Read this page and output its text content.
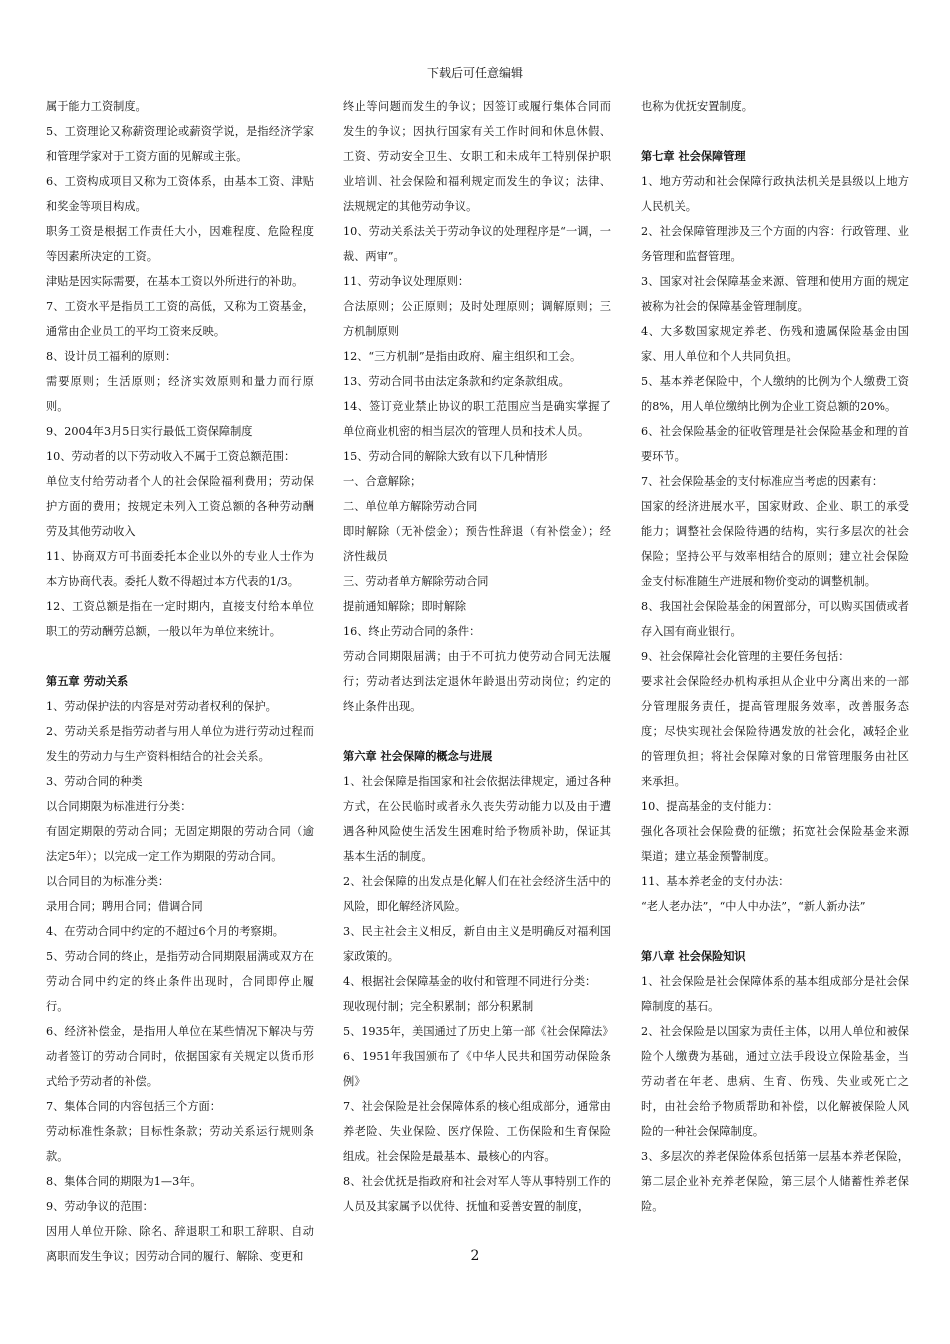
下载后可任意编辑

属于能力工资制度。

5、工资理论又称薪资理论或薪资学说，是指经济学家和管理学家对于工资方面的见解或主张。

6、工资构成项目又称为工资体系，由基本工资、津贴和奖金等项目构成。

职务工资是根据工作责任大小，因难程度、危险程度等因素所决定的工资。

津贴是因实际需要，在基本工资以外所进行的补助。

7、工资水平是指员工工资的高低，又称为工资基金，通常由企业员工的平均工资来反映。

8、设计员工福利的原则：

需要原则；生活原则；经济实效原则和量力而行原则。

9、2004年3月5日实行最低工资保障制度

10、劳动者的以下劳动收入不属于工资总额范围：

单位支付给劳动者个人的社会保险福利费用；劳动保护方面的费用；按规定未列入工资总额的各种劳动酬劳及其他劳动收入

11、协商双方可书面委托本企业以外的专业人士作为本方协商代表。委托人数不得超过本方代表的1/3。

12、工资总额是指在一定时期内，直接支付给本单位职工的劳动酬劳总额，一般以年为单位来统计。

第五章 劳动关系

1、劳动保护法的内容是对劳动者权利的保护。

2、劳动关系是指劳动者与用人单位为进行劳动过程而发生的劳动力与生产资料相结合的社会关系。

3、劳动合同的种类

以合同期限为标准进行分类：

有固定期限的劳动合同；无固定期限的劳动合同（逾法定5年）；以完成一定工作为期限的劳动合同。

以合同目的为标准分类：

录用合同；聘用合同；借调合同

4、在劳动合同中约定的不超过6个月的考察期。

5、劳动合同的终止，是指劳动合同期限届满或双方在劳动合同中约定的终止条件出现时，合同即停止履行。

6、经济补偿金，是指用人单位在某些情况下解决与劳动者签订的劳动合同时，依据国家有关规定以货币形式给予劳动者的补偿。

7、集体合同的内容包括三个方面：

劳动标准性条款；目标性条款；劳动关系运行规则条款。

8、集体合同的期限为1—3年。

9、劳动争议的范围：

因用人单位开除、除名、辞退职工和职工辞职、自动离职而发生争议；因劳动合同的履行、解除、变更和

终止等问题而发生的争议；因签订或履行集体合同而发生的争议；因执行国家有关工作时间和休息休假、工资、劳动安全卫生、女职工和未成年工特别保护职业培训、社会保险和福利规定而发生的争议；法律、法规规定的其他劳动争议。

10、劳动关系法关于劳动争议的处理程序是“一调，一裁、两审”。

11、劳动争议处理原则：

合法原则；公正原则；及时处理原则；调解原则；三方机制原则

12、“三方机制”是指由政府、雇主组织和工会。

13、劳动合同书由法定条款和约定条款组成。

14、签订竞业禁止协议的职工范围应当是确实掌握了单位商业机密的相当层次的管理人员和技术人员。

15、劳动合同的解除大致有以下几种情形

一、合意解除；

二、单位单方解除劳动合同

即时解除（无补偿金）；预告性辞退（有补偿金）；经济性裁员

三、劳动者单方解除劳动合同

提前通知解除；即时解除

16、终止劳动合同的条件：

劳动合同期限届满；由于不可抗力使劳动合同无法履行；劳动者达到法定退休年龄退出劳动岗位；约定的终止条件出现。

第六章 社会保障的概念与进展

1、社会保障是指国家和社会依据法律规定，通过各种方式，在公民临时或者永久丧失劳动能力以及由于遭遇各种风险使生活发生困难时给予物质补助，保证其基本生活的制度。

2、社会保障的出发点是化解人们在社会经济生活中的风险，即化解经济风险。

3、民主社会主义相反，新自由主义是明确反对福利国家政策的。

4、根据社会保障基金的收付和管理不同进行分类：

现收现付制；完全积累制；部分积累制

5、1935年，美国通过了历史上第一部《社会保障法》

6、1951年我国颁布了《中华人民共和国劳动保险条例》

7、社会保险是社会保障体系的核心组成部分，通常由养老险、失业保险、医疗保险、工伤保险和生育保险组成。社会保险是最基本、最核心的内容。

8、社会优抚是指政府和社会对军人等从事特别工作的人员及其家属予以优待、抚恤和妥善安置的制度，

也称为优抚安置制度。

第七章 社会保障管理

1、地方劳动和社会保障行政执法机关是县级以上地方人民机关。

2、社会保障管理涉及三个方面的内容：行政管理、业务管理和监督管理。

3、国家对社会保障基金来源、管理和使用方面的规定被称为社会的保障基金管理制度。

4、大多数国家规定养老、伤残和遗属保险基金由国家、用人单位和个人共同负担。

5、基本养老保险中，个人缴纳的比例为个人缴费工资的8%，用人单位缴纳比例为企业工资总额的20%。

6、社会保险基金的征收管理是社会保险基金和理的首要环节。

7、社会保险基金的支付标准应当考虑的因素有：

国家的经济进展水平，国家财政、企业、职工的承受能力；调整社会保险待遇的结构，实行多层次的社会保险；坚持公平与效率相结合的原则；建立社会保险金支付标准随生产进展和物价变动的调整机制。

8、我国社会保险基金的闲置部分，可以购买国债或者存入国有商业银行。

9、社会保障社会化管理的主要任务包括：

要求社会保险经办机构承担从企业中分离出来的一部分管理服务责任，提高管理服务效率，改善服务态度；尽快实现社会保险待遇发放的社会化，减轻企业的管理负担；将社会保障对象的日常管理服务由社区来承担。

10、提高基金的支付能力：

强化各项社会保险费的征缴；拓宽社会保险基金来源渠道；建立基金预警制度。

11、基本养老金的支付办法：

“老人老办法”，“中人中办法”，“新人新办法”

第八章 社会保险知识

1、社会保险是社会保障体系的基本组成部分是社会保障制度的基石。

2、社会保险是以国家为责任主体，以用人单位和被保险个人缴费为基础，通过立法手段设立保险基金，当劳动者在年老、患病、生育、伤残、失业或死亡之时，由社会给予物质帮助和补偿，以化解被保险人风险的一种社会保障制度。

3、多层次的养老保险体系包括第一层基本养老保险，第二层企业补充养老保险，第三层个人储蓄性养老保险。

2
